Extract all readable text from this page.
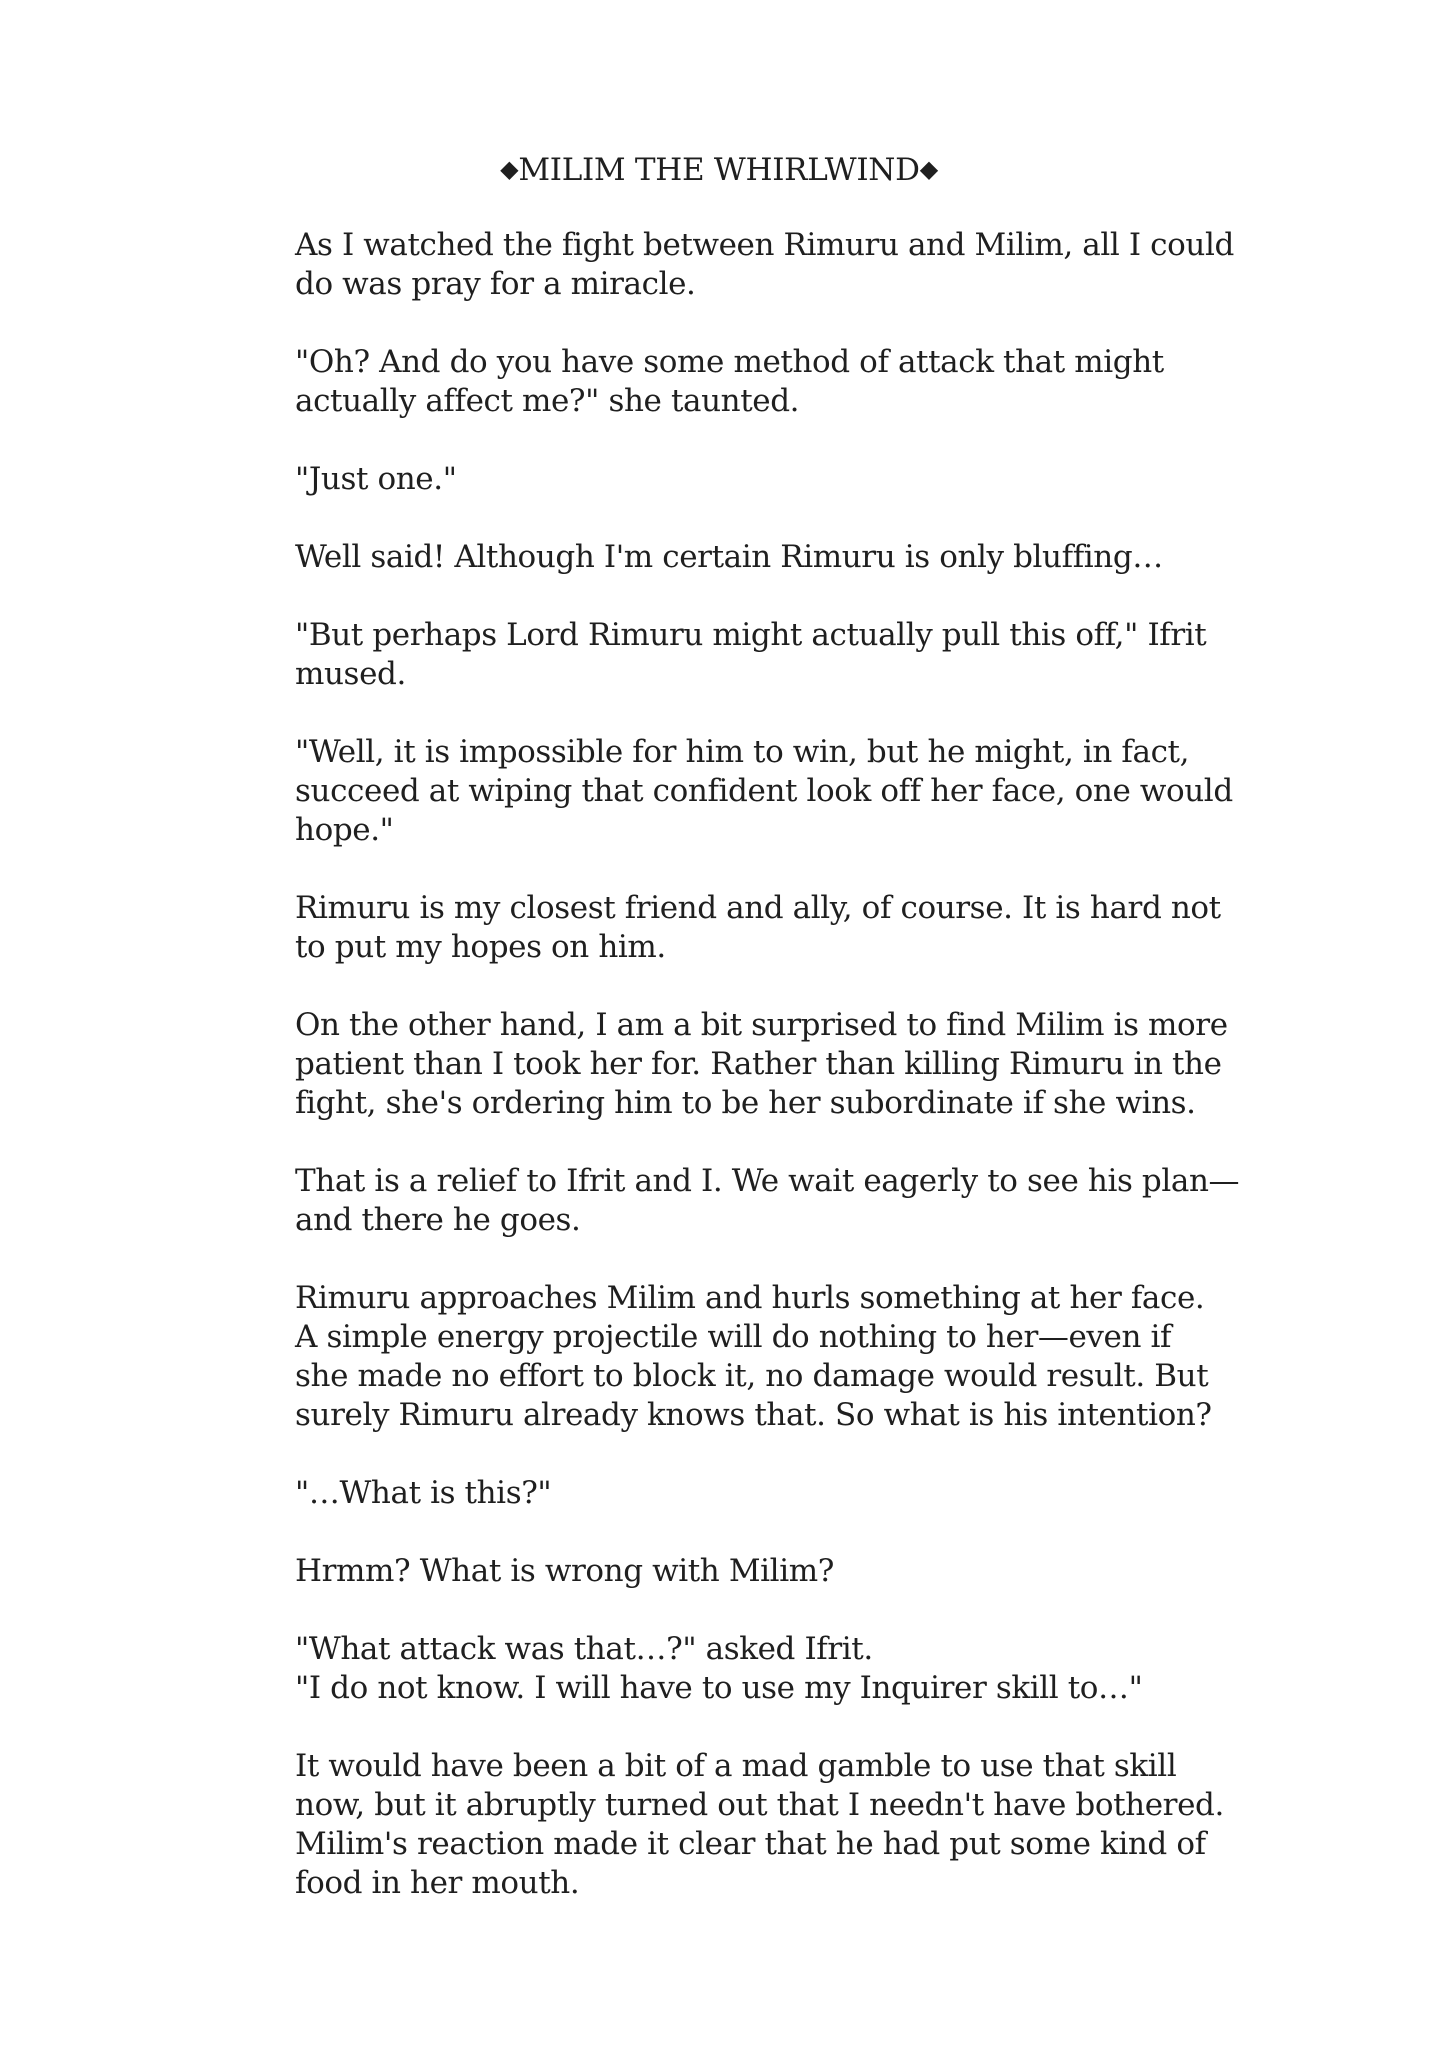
◆MILIM THE WHIRLWIND◆

As I watched the fight between Rimuru and Milim, all I could
do was pray for a miracle.

"Oh? And do you have some method of attack that might
actually affect me?" she taunted.

"Just one."

Well said! Although I'm certain Rimuru is only bluffing…

"But perhaps Lord Rimuru might actually pull this off," Ifrit
mused.

"Well, it is impossible for him to win, but he might, in fact,
succeed at wiping that confident look off her face, one would
hope."

Rimuru is my closest friend and ally, of course. It is hard not
to put my hopes on him.

On the other hand, I am a bit surprised to find Milim is more
patient than I took her for. Rather than killing Rimuru in the
fight, she's ordering him to be her subordinate if she wins.

That is a relief to Ifrit and I. We wait eagerly to see his plan—
and there he goes.

Rimuru approaches Milim and hurls something at her face.
A simple energy projectile will do nothing to her—even if
she made no effort to block it, no damage would result. But
surely Rimuru already knows that. So what is his intention?

"…What is this?"

Hrmm? What is wrong with Milim?

"What attack was that…?" asked Ifrit.
"I do not know. I will have to use my Inquirer skill to…"

It would have been a bit of a mad gamble to use that skill
now, but it abruptly turned out that I needn't have bothered.
Milim's reaction made it clear that he had put some kind of
food in her mouth.
